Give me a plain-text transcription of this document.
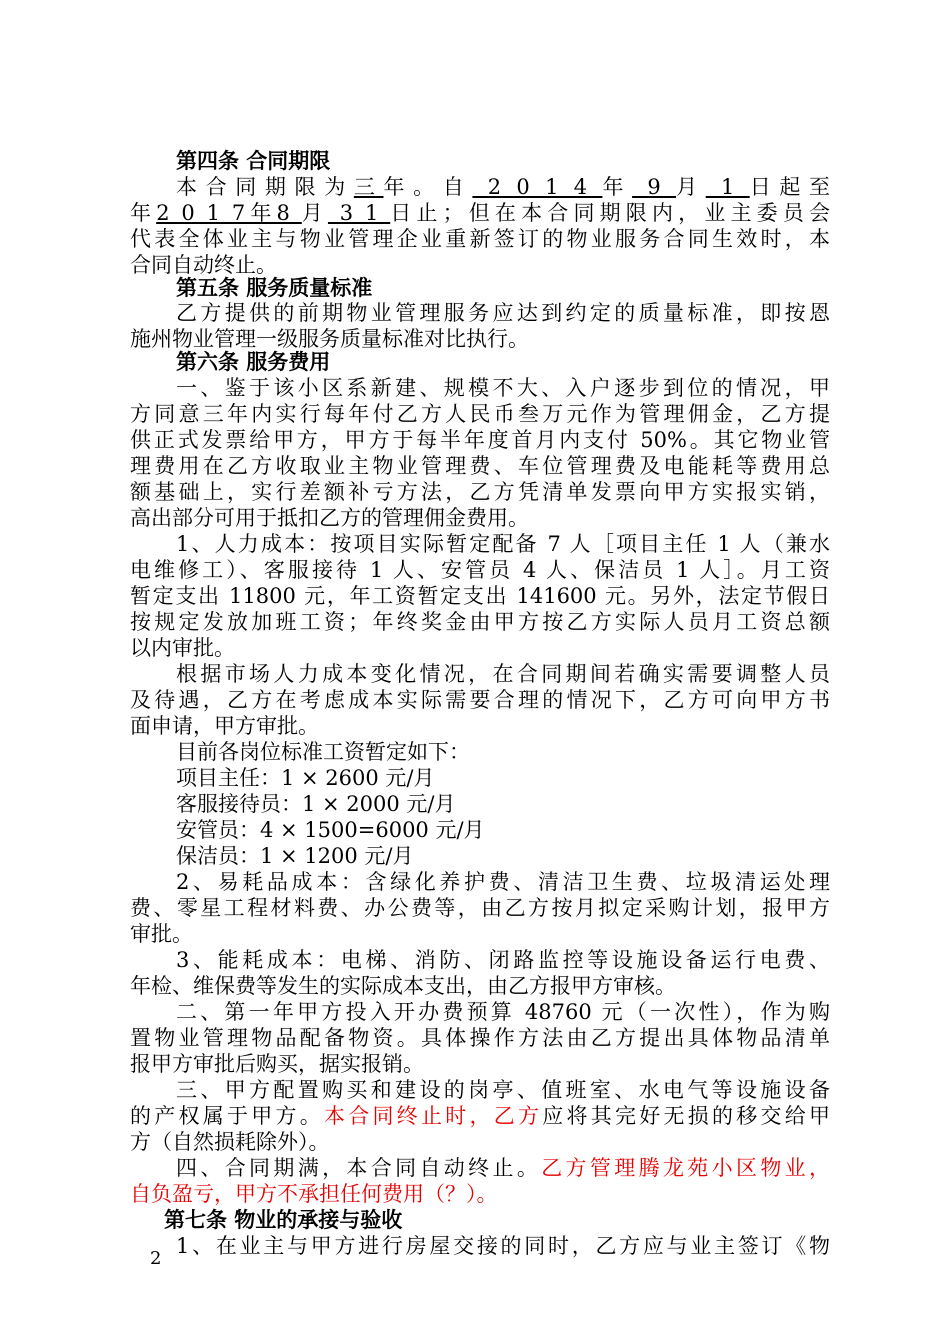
第四条 合同期限
本合同期限为三年。自 2 0 1 4 年 9 月 1 日起至
年2 0 1 7年8 月 3 1 日止；但在本合同期限内，业主委员会
代表全体业主与物业管理企业重新签订的物业服务合同生效时，本
合同自动终止。
第五条 服务质量标准
乙方提供的前期物业管理服务应达到约定的质量标准，即按恩
施州物业管理一级服务质量标准对比执行。
第六条 服务费用
一、鉴于该小区系新建、规模不大、入户逐步到位的情况，甲
方同意三年内实行每年付乙方人民币叁万元作为管理佣金，乙方提
供正式发票给甲方，甲方于每半年度首月内支付 50%。其它物业管
理费用在乙方收取业主物业管理费、车位管理费及电能耗等费用总
额基础上，实行差额补亏方法，乙方凭清单发票向甲方实报实销，
高出部分可用于抵扣乙方的管理佣金费用。
1、人力成本：按项目实际暂定配备 7 人［项目主任 1 人（兼水
电维修工）、客服接待 1 人、安管员 4 人、保洁员 1 人］。月工资
暂定支出 11800 元，年工资暂定支出 141600 元。另外，法定节假日
按规定发放加班工资；年终奖金由甲方按乙方实际人员月工资总额
以内审批。
根据市场人力成本变化情况，在合同期间若确实需要调整人员
及待遇，乙方在考虑成本实际需要合理的情况下，乙方可向甲方书
面申请，甲方审批。
目前各岗位标准工资暂定如下：
项目主任：1 × 2600 元/月
客服接待员：1 × 2000 元/月
安管员：4 × 1500=6000 元/月
保洁员：1 × 1200 元/月
2、易耗品成本：含绿化养护费、清洁卫生费、垃圾清运处理
费、零星工程材料费、办公费等，由乙方按月拟定采购计划，报甲方
审批。
3、能耗成本：电梯、消防、闭路监控等设施设备运行电费、
年检、维保费等发生的实际成本支出，由乙方报甲方审核。
二、第一年甲方投入开办费预算 48760 元（一次性），作为购
置物业管理物品配备物资。具体操作方法由乙方提出具体物品清单
报甲方审批后购买，据实报销。
三、甲方配置购买和建设的岗亭、值班室、水电气等设施设备
的产权属于甲方。本合同终止时，乙方应将其完好无损的移交给甲
方（自然损耗除外）。
四、合同期满，本合同自动终止。乙方管理腾龙苑小区物业，
自负盈亏，甲方不承担任何费用（？）。
第七条 物业的承接与验收
1、在业主与甲方进行房屋交接的同时，乙方应与业主签订《物
2
